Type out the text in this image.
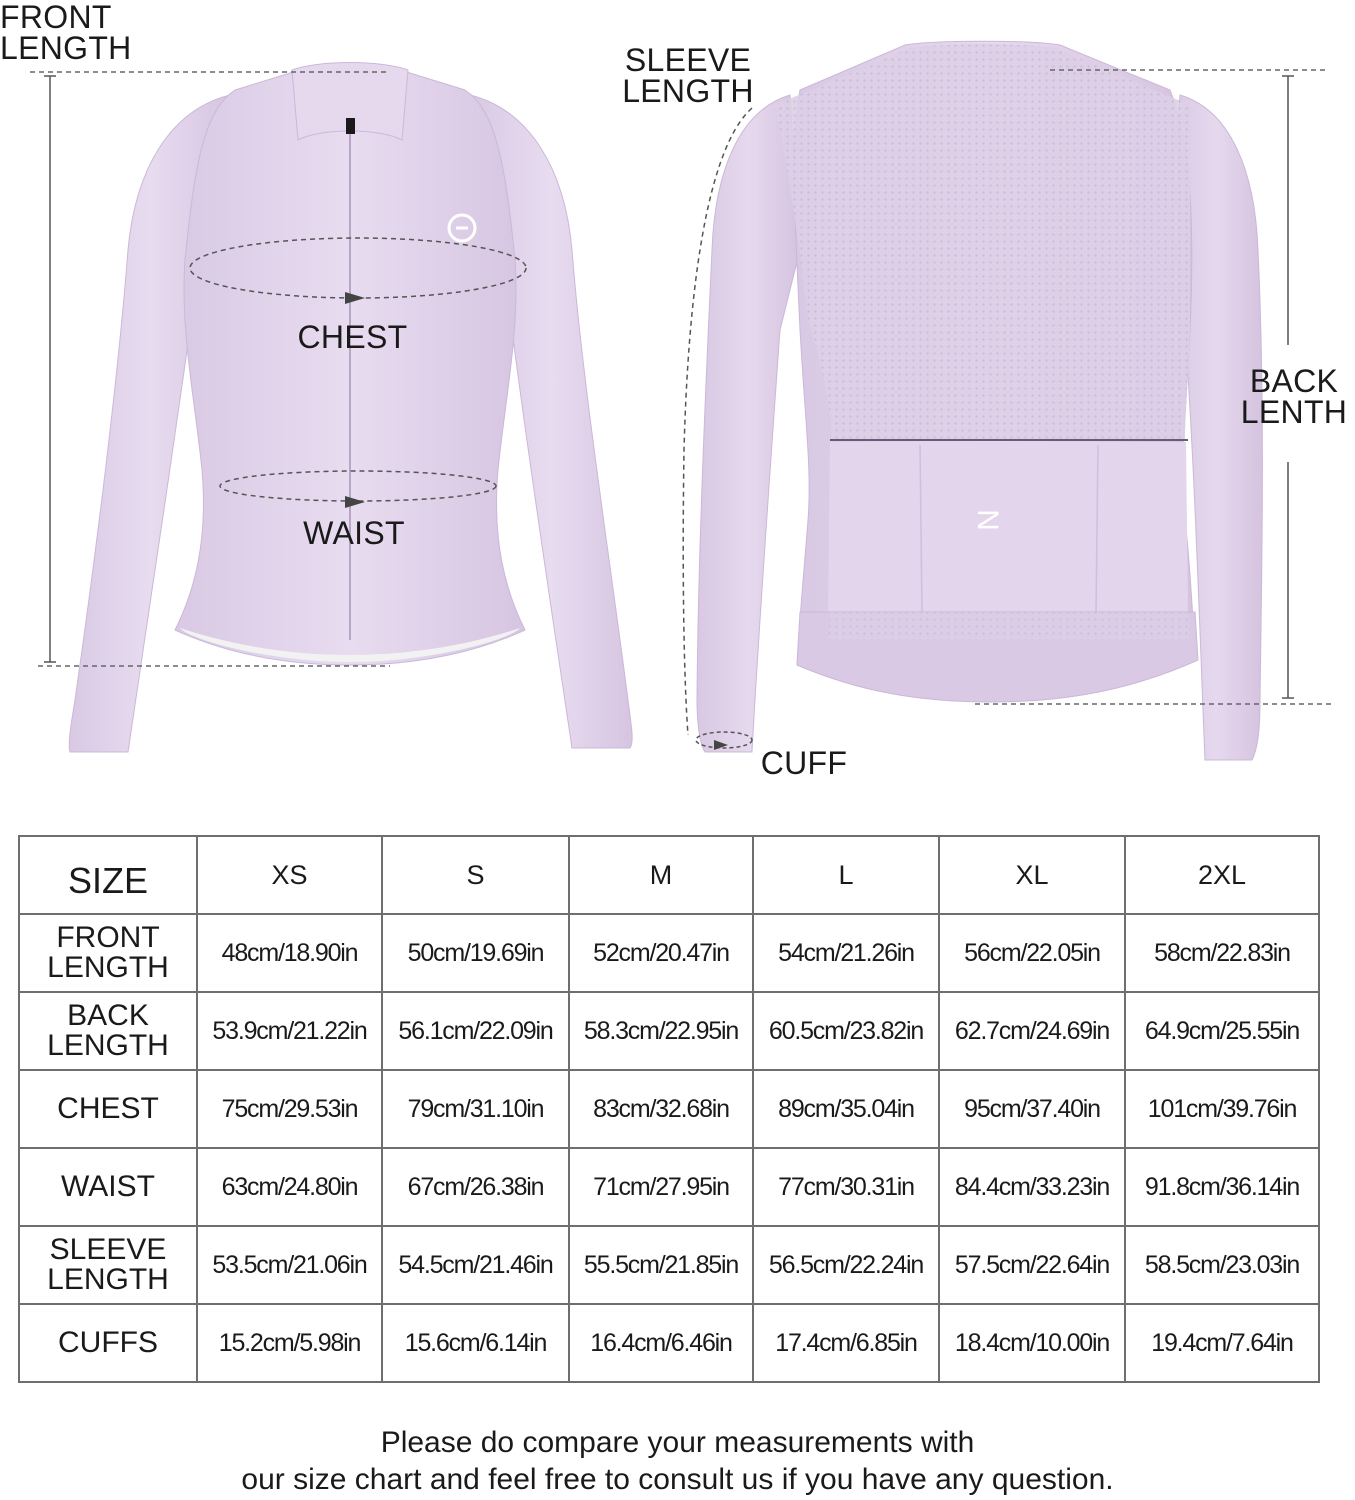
N
FRONT
LENGTH	SLEEVE
LENGTH
BACK
LENTH
CHEST
WAIST
CUFF
SIZE	XS	S	M	L	XL	2XL
FRONT
LENGTH	48cm/18.90in	50cm/19.69in	52cm/20.47in	54cm/21.26in	56cm/22.05in	58cm/22.83in
BACK
LENGTH	53.9cm/21.22in	56.1cm/22.09in	58.3cm/22.95in	60.5cm/23.82in	62.7cm/24.69in	64.9cm/25.55in
CHEST	75cm/29.53in	79cm/31.10in	83cm/32.68in	89cm/35.04in	95cm/37.40in	101cm/39.76in
WAIST	63cm/24.80in	67cm/26.38in	71cm/27.95in	77cm/30.31in	84.4cm/33.23in	91.8cm/36.14in
SLEEVE
LENGTH	53.5cm/21.06in	54.5cm/21.46in	55.5cm/21.85in	56.5cm/22.24in	57.5cm/22.64in	58.5cm/23.03in
CUFFS	15.2cm/5.98in	15.6cm/6.14in	16.4cm/6.46in	17.4cm/6.85in	18.4cm/10.00in	19.4cm/7.64in
Please do compare your measurements with
our size chart and feel free to consult us if you have any question.
